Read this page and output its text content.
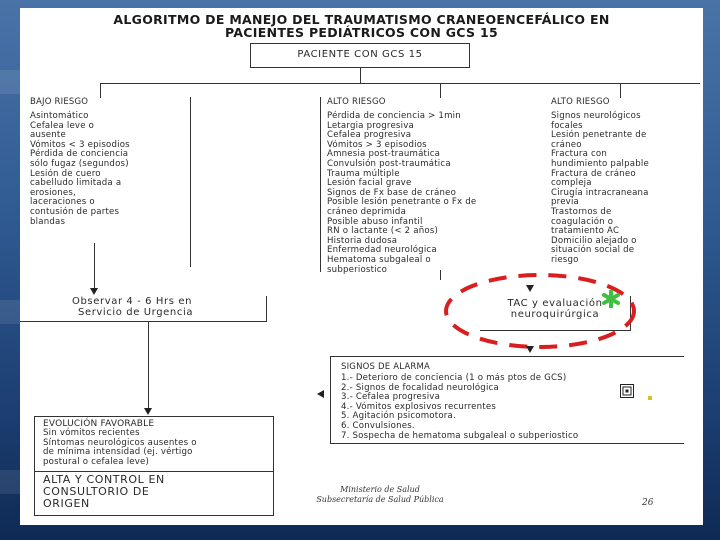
ALGORITMO DE MANEJO DEL TRAUMATISMO CRANEOENCEFÁLICO EN
PACIENTES PEDIÁTRICOS CON GCS 15
PACIENTE CON GCS 15
BAJO RIESGO
Asintomático
Cefalea leve o
ausente
Vómitos < 3 episodios
Pérdida de conciencia
sólo fugaz (segundos)
Lesión de cuero
cabelludo limitada a
erosiones,
laceraciones o
contusión de partes
blandas
ALTO RIESGO
Pérdida de conciencia > 1min
Letargia progresiva
Cefalea progresiva
Vómitos > 3 episodios
Amnesia post-traumática
Convulsión post-traumática
Trauma múltiple
Lesión facial grave
Signos de Fx base de cráneo
Posible lesión penetrante o Fx de
cráneo deprimida
Posible abuso infantil
RN o lactante (< 2 años)
Historia dudosa
Enfermedad neurológica
Hematoma subgaleal o
subperiostico
ALTO RIESGO
Signos neurológicos
focales
Lesión penetrante de
cráneo
Fractura con
hundimiento palpable
Fractura de cráneo
compleja
Cirugía intracraneana
previa
Trastornos de
coagulación o
tratamiento AC
Domicilio alejado o
situación social de
riesgo
Observar 4 - 6 Hrs en
Servicio de Urgencia
TAC y evaluación
neuroquirúrgica
SIGNOS DE ALARMA
1.- Deterioro de conciencia (1 o más ptos de GCS)
2.- Signos de focalidad neurológica
3.- Cefalea progresiva
4.- Vómitos explosivos recurrentes
5. Agitación psicomotora.
6. Convulsiones.
7. Sospecha de hematoma subgaleal o subperiostico
EVOLUCIÓN FAVORABLE
Sin vómitos recientes
Síntomas neurológicos ausentes o
de mínima intensidad (ej. vértigo
postural o cefalea leve)
ALTA Y CONTROL EN
CONSULTORIO DE
ORIGEN
Ministerio de Salud
Subsecretaría de Salud Pública	26
